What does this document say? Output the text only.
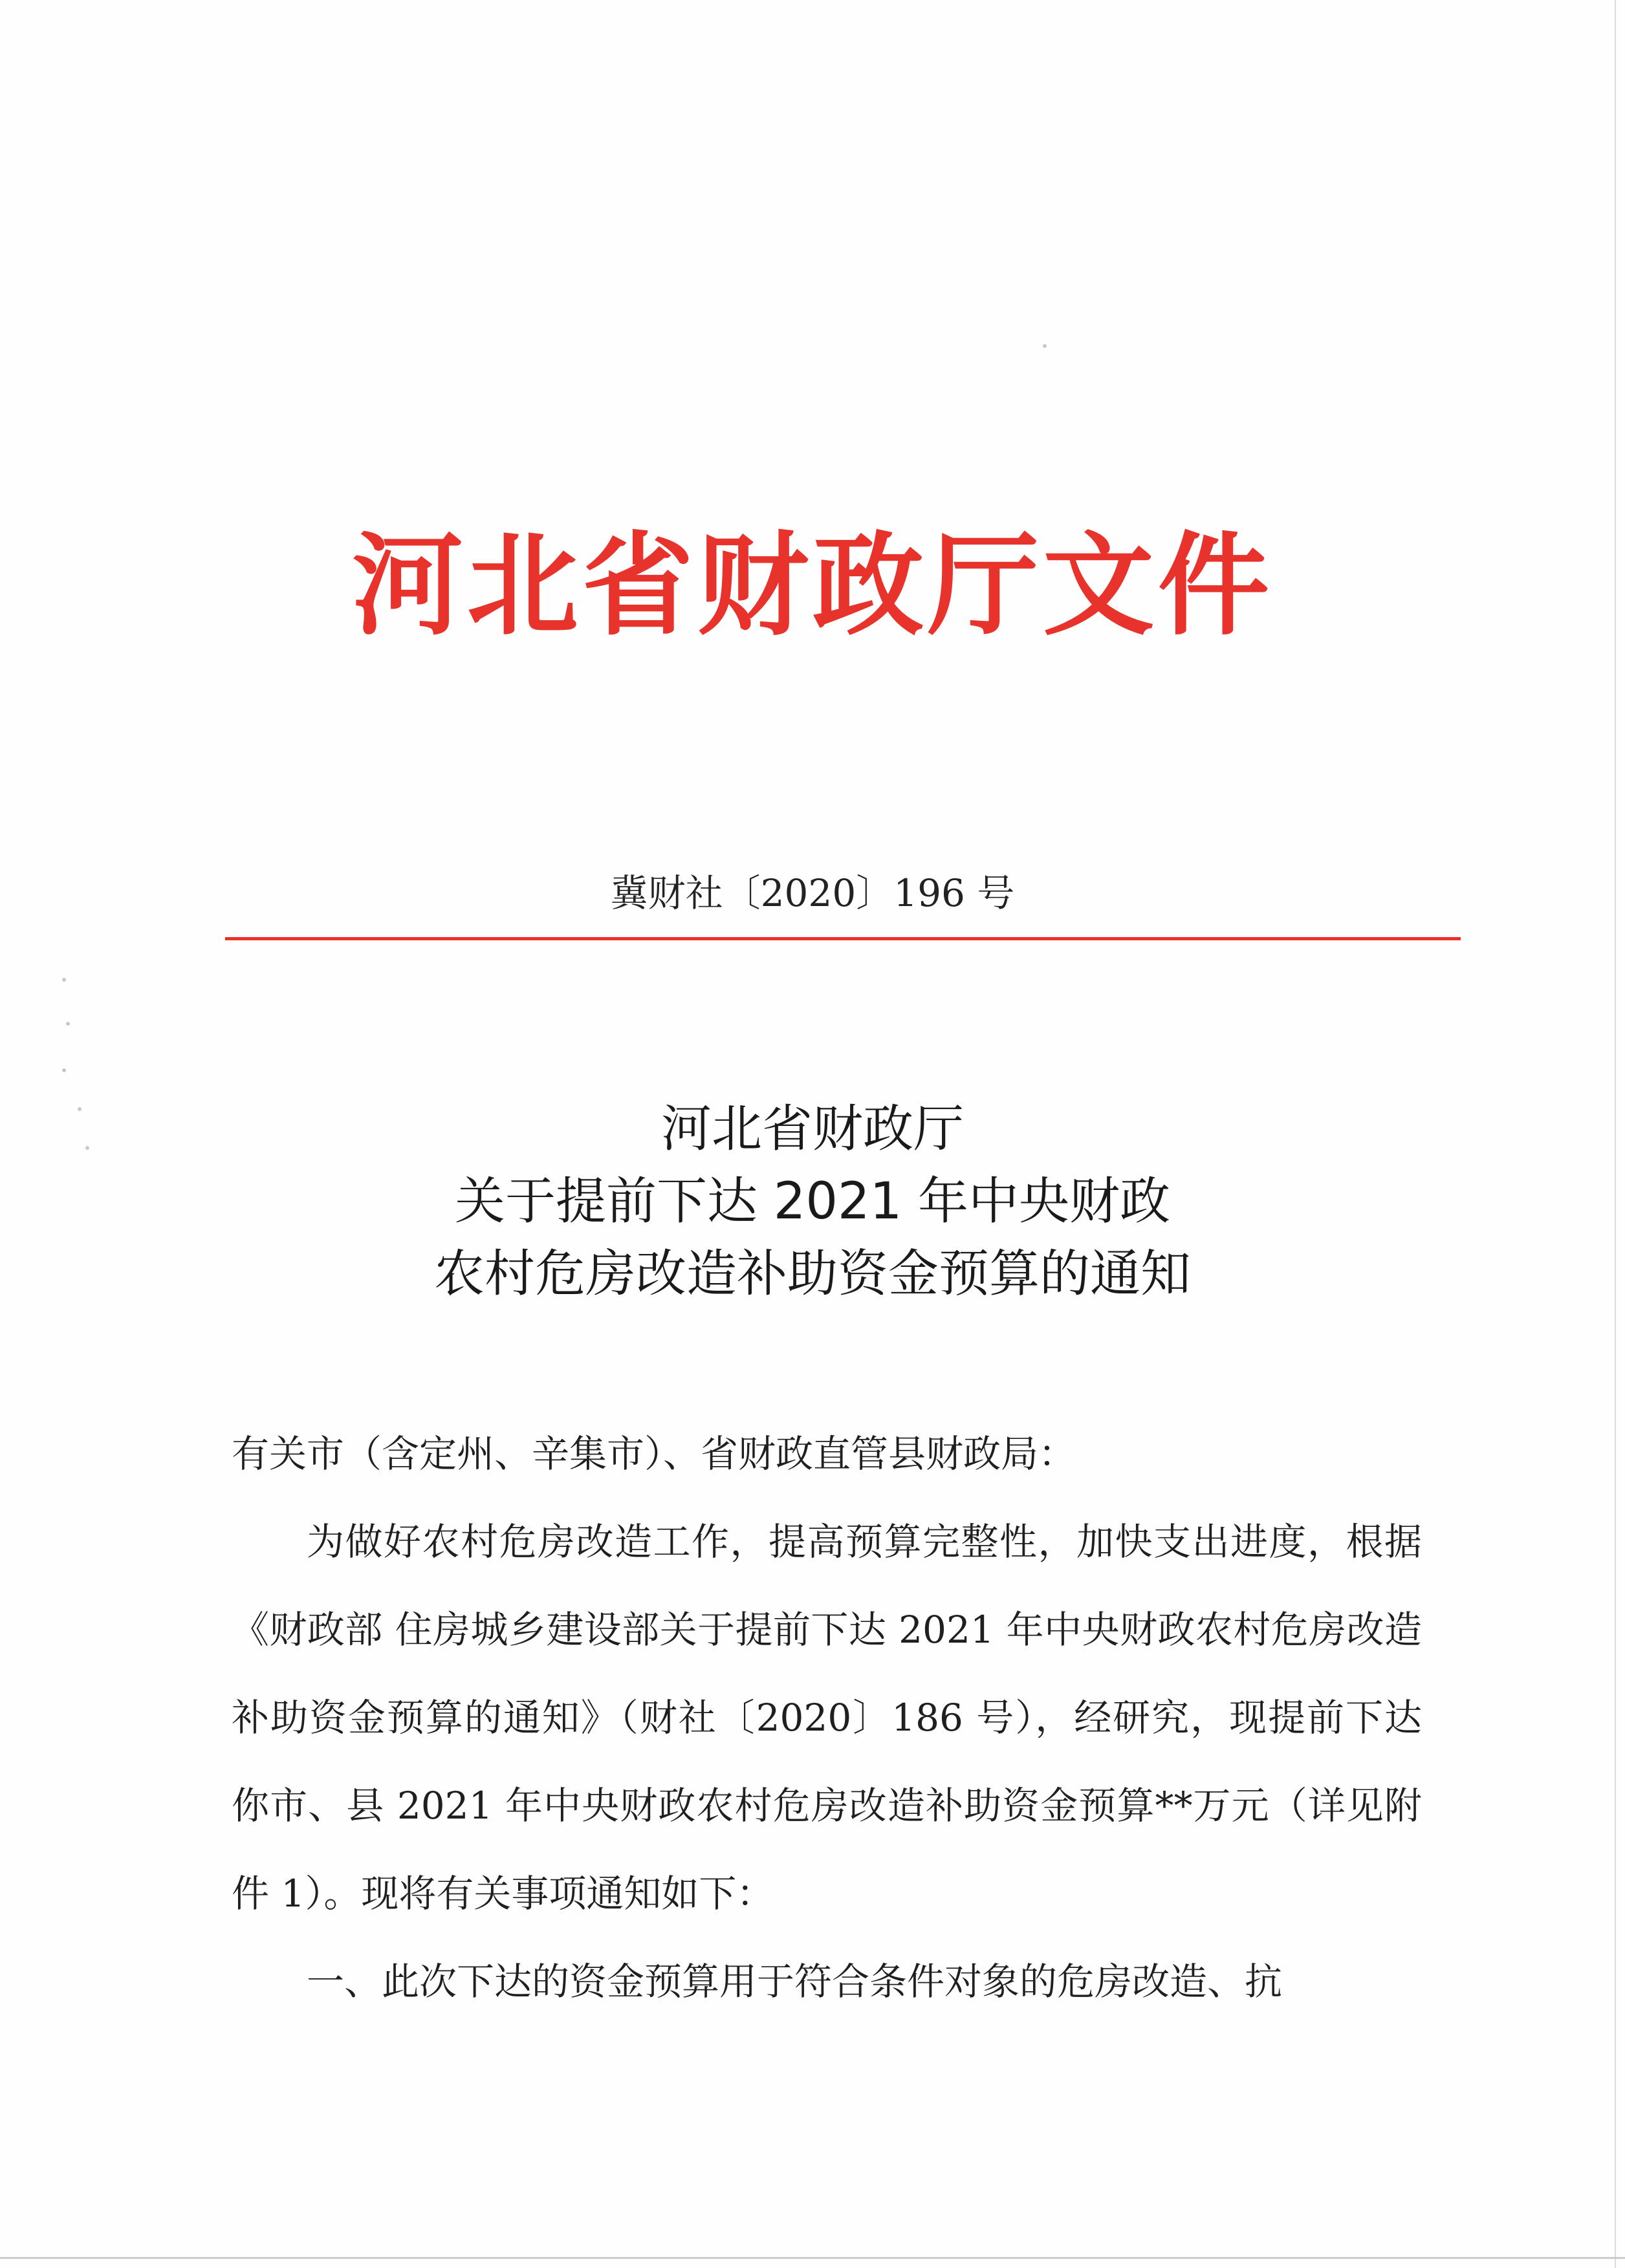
河北省财政厅文件
冀财社〔2020〕196 号
河北省财政厅
关于提前下达 2021 年中央财政
农村危房改造补助资金预算的通知
有关市（含定州、辛集市）、省财政直管县财政局：

为做好农村危房改造工作，提高预算完整性，加快支出进度，根据《财政部 住房城乡建设部关于提前下达 2021 年中央财政农村危房改造补助资金预算的通知》（财社〔2020〕186 号），经研究，现提前下达你市、县 2021 年中央财政农村危房改造补助资金预算**万元（详见附件 1）。现将有关事项通知如下：

一、此次下达的资金预算用于符合条件对象的危房改造、抗
